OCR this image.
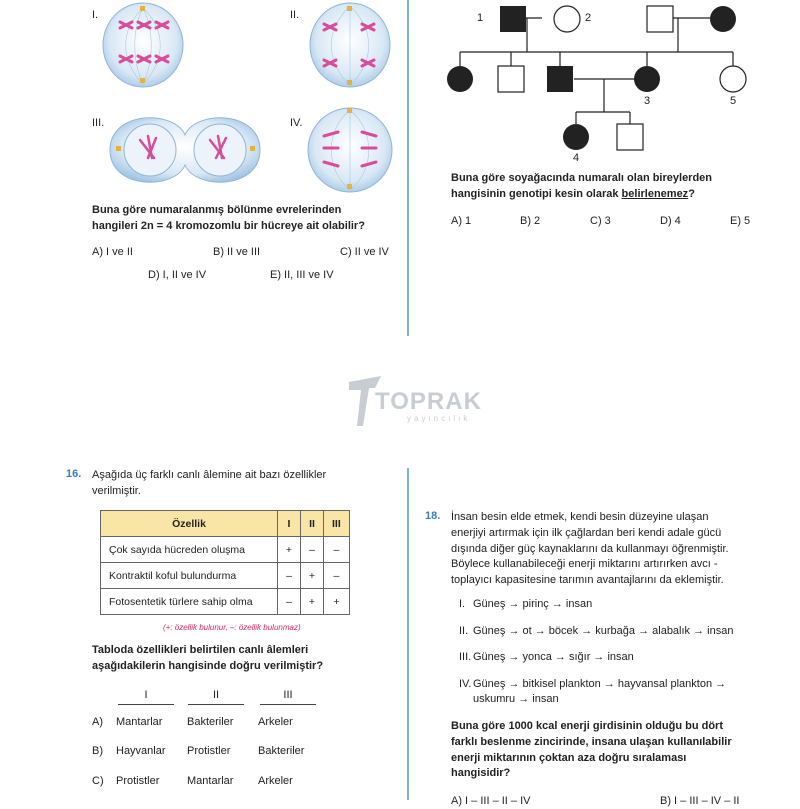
I.	II.
III.	IV.
Buna göre numaralanmış bölünme evrelerinden
hangileri 2n = 4 kromozomlu bir hücreye ait olabilir?
A) I ve II	B) II ve III	C) II ve IV
D) I, II ve IV	E) II, III ve IV
1	2
3
4
5
Buna göre soyağacında numaralı olan bireylerden
hangisinin genotipi kesin olarak belirlenemez?
A) 1	B) 2	C) 3	D) 4	E) 5
TOPRAK
yayıncılık
16. Aşağıda üç farklı canlı âlemine ait bazı özellikler
verilmiştir.
Özellik	I	II	III
Çok sayıda hücreden oluşma	+	–	–
Kontraktil koful bulundurma	–	+	–
Fotosentetik türlere sahip olma	–	+	+
(+: özellik bulunur, –: özellik bulunmaz)
Tabloda özellikleri belirtilen canlı âlemleri
aşağıdakilerin hangisinde doğru verilmiştir?
I	II	III
A) Mantarlar Bakteriler Arkeler
B) Hayvanlar Protistler	Bakteriler
C) Protistler	Mantarlar Arkeler
18. İnsan besin elde etmek, kendi besin düzeyine ulaşan
enerjiyi artırmak için ilk çağlardan beri kendi adale gücü
dışında diğer güç kaynaklarını da kullanmayı öğrenmiştir.
Böylece kullanabileceği enerji miktarını artırırken avcı -
toplayıcı kapasitesine tarımın avantajlarını da eklemiştir.
I. Güneş → pirinç → insan
II. Güneş → ot → böcek → kurbağa → alabalık → insan
III. Güneş → yonca → sığır → insan
IV. Güneş → bitkisel plankton → hayvansal plankton →
uskumru → insan
Buna göre 1000 kcal enerji girdisinin olduğu bu dört
farklı beslenme zincirinde, insana ulaşan kullanılabilir
enerji miktarının çoktan aza doğru sıralaması
hangisidir?
A) I – III – II – IV	B) I – III – IV – II
